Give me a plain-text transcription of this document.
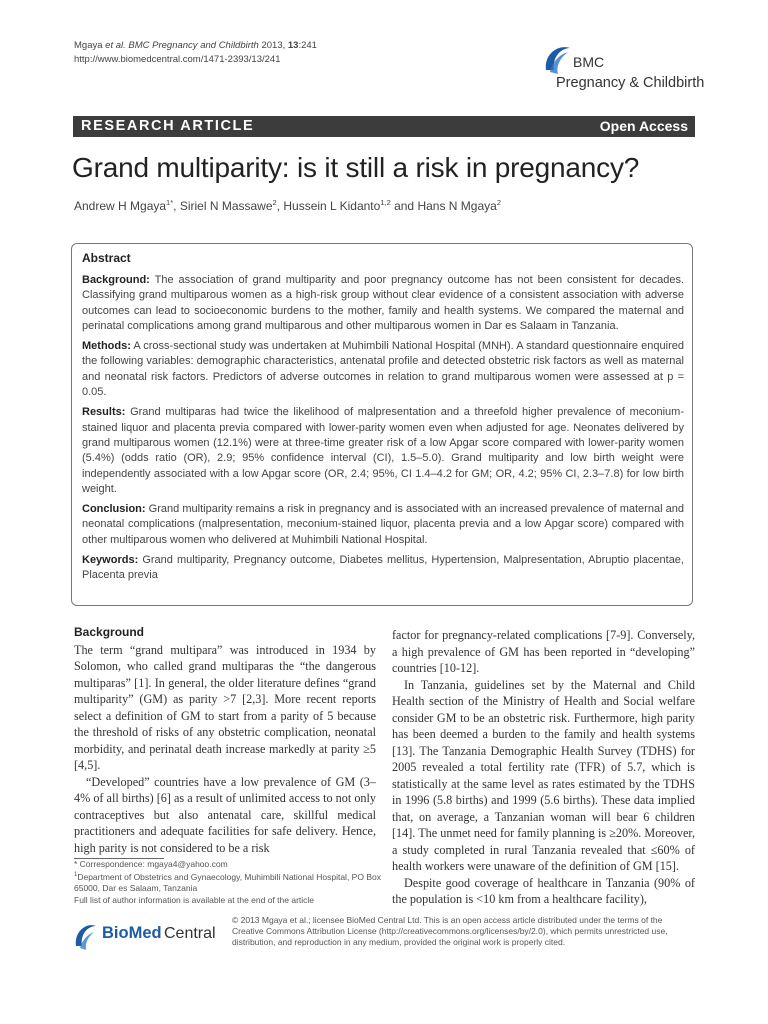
Mgaya et al. BMC Pregnancy and Childbirth 2013, 13:241
http://www.biomedcentral.com/1471-2393/13/241	BMC
Pregnancy & Childbirth
RESEARCH ARTICLE	Open Access
Grand multiparity: is it still a risk in pregnancy?
Andrew H Mgaya$^{1*}$, Siriel N Massawe$^2$, Hussein L Kidanto$^{1,2}$ and Hans N Mgaya$^2$
Abstract

Background: The association of grand multiparity and poor pregnancy outcome has not been consistent for decades. Classifying grand multiparous women as a high-risk group without clear evidence of a consistent association with adverse outcomes can lead to socioeconomic burdens to the mother, family and health systems. We compared the maternal and perinatal complications among grand multiparous and other multiparous women in Dar es Salaam in Tanzania.

Methods: A cross-sectional study was undertaken at Muhimbili National Hospital (MNH). A standard questionnaire enquired the following variables: demographic characteristics, antenatal profile and detected obstetric risk factors as well as maternal and neonatal risk factors. Predictors of adverse outcomes in relation to grand multiparous women were assessed at p = 0.05.

Results: Grand multiparas had twice the likelihood of malpresentation and a threefold higher prevalence of meconium-stained liquor and placenta previa compared with lower-parity women even when adjusted for age. Neonates delivered by grand multiparous women (12.1%) were at three-time greater risk of a low Apgar score compared with lower-parity women (5.4%) (odds ratio (OR), 2.9; 95% confidence interval (CI), 1.5–5.0). Grand multiparity and low birth weight were independently associated with a low Apgar score (OR, 2.4; 95%, CI 1.4–4.2 for GM; OR, 4.2; 95% CI, 2.3–7.8) for low birth weight.

Conclusion: Grand multiparity remains a risk in pregnancy and is associated with an increased prevalence of maternal and neonatal complications (malpresentation, meconium-stained liquor, placenta previa and a low Apgar score) compared with other multiparous women who delivered at Muhimbili National Hospital.

Keywords: Grand multiparity, Pregnancy outcome, Diabetes mellitus, Hypertension, Malpresentation, Abruptio placentae, Placenta previa

Background

The term “grand multipara” was introduced in 1934 by Solomon, who called grand multiparas the “the dangerous multiparas” [1]. In general, the older literature defines “grand multiparity” (GM) as parity >7 [2,3]. More recent reports select a definition of GM to start from a parity of 5 because the threshold of risks of any obstetric complication, neonatal morbidity, and perinatal death increase markedly at parity ≥5 [4,5].

“Developed” countries have a low prevalence of GM (3–4% of all births) [6] as a result of unlimited access to not only contraceptives but also antenatal care, skillful medical practitioners and adequate facilities for safe delivery. Hence, high parity is not considered to be a risk

factor for pregnancy-related complications [7-9]. Conversely, a high prevalence of GM has been reported in “developing” countries [10-12].

In Tanzania, guidelines set by the Maternal and Child Health section of the Ministry of Health and Social welfare consider GM to be an obstetric risk. Furthermore, high parity has been deemed a burden to the family and health systems [13]. The Tanzania Demographic Health Survey (TDHS) for 2005 revealed a total fertility rate (TFR) of 5.7, which is statistically at the same level as rates estimated by the TDHS in 1996 (5.8 births) and 1999 (5.6 births). These data implied that, on average, a Tanzanian woman will bear 6 children [14]. The unmet need for family planning is ≥20%. Moreover, a study completed in rural Tanzania revealed that ≤60% of health workers were unaware of the definition of GM [15].

Despite good coverage of healthcare in Tanzania (90% of the population is <10 km from a healthcare facility),

* Correspondence: mgaya4@yahoo.com
$^1$Department of Obstetrics and Gynaecology, Muhimbili National Hospital, PO Box 65000, Dar es Salaam, Tanzania
Full list of author information is available at the end of the article
BioMed Central
© 2013 Mgaya et al.; licensee BioMed Central Ltd. This is an open access article distributed under the terms of the Creative Commons Attribution License (http://creativecommons.org/licenses/by/2.0), which permits unrestricted use, distribution, and reproduction in any medium, provided the original work is properly cited.
